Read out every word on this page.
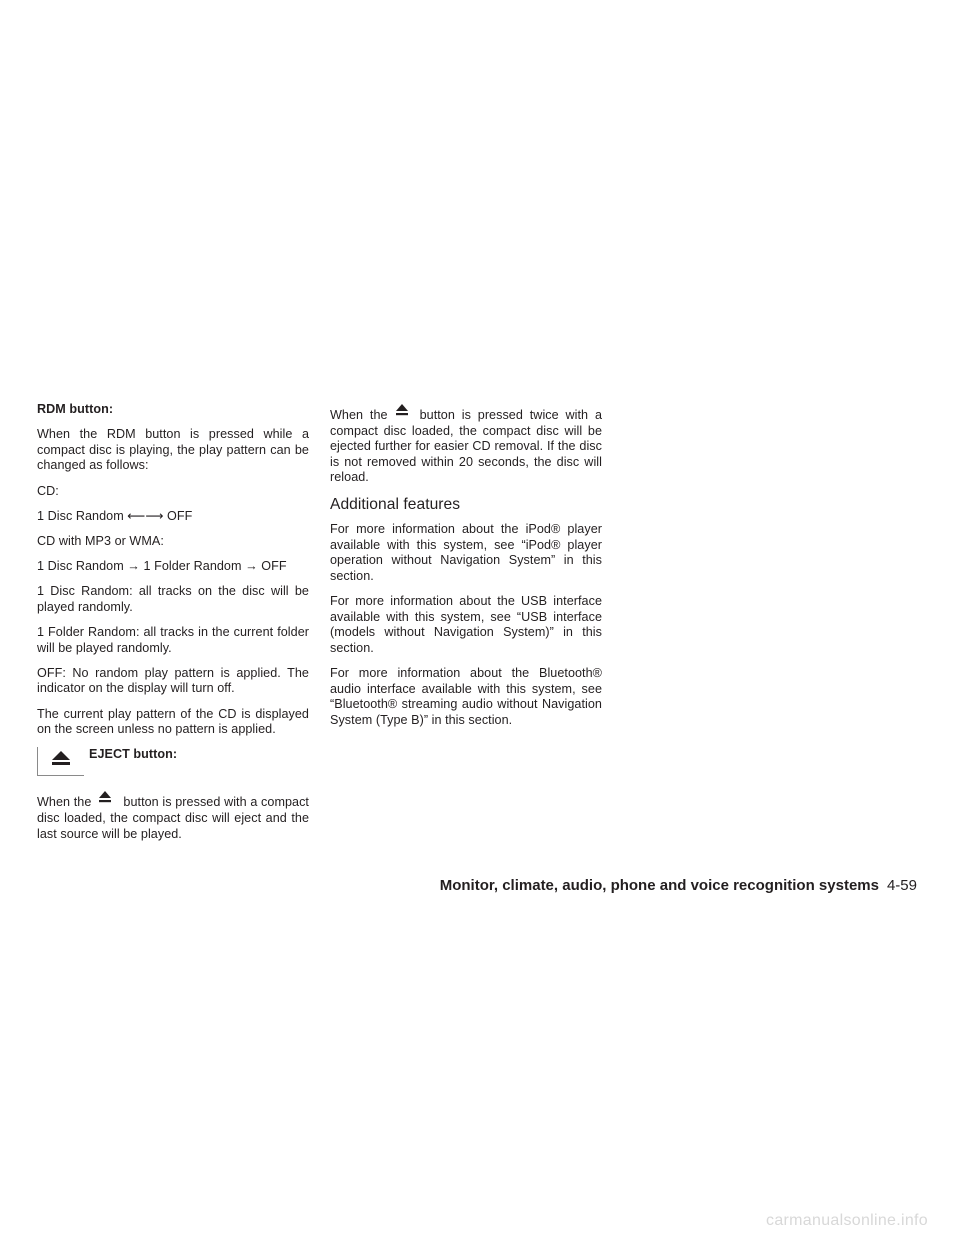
RDM button:

When the RDM button is pressed while a compact disc is playing, the play pattern can be changed as follows:

CD:

1 Disc Random ⟵⟶ OFF

CD with MP3 or WMA:

1 Disc Random → 1 Folder Random → OFF

1 Disc Random: all tracks on the disc will be played randomly.

1 Folder Random: all tracks in the current folder will be played randomly.

OFF: No random play pattern is applied. The indicator on the display will turn off.

The current play pattern of the CD is displayed on the screen unless no pattern is applied.

EJECT button:

When the	button is pressed with a compact disc loaded, the compact disc will eject and the last source will be played.

When the	button is pressed twice with a compact disc loaded, the compact disc will be ejected further for easier CD removal. If the disc is not removed within 20 seconds, the disc will reload.

Additional features

For more information about the iPod® player available with this system, see “iPod® player operation without Navigation System” in this section.

For more information about the USB interface available with this system, see “USB interface (models without Navigation System)” in this section.

For more information about the Bluetooth® audio interface available with this system, see “Bluetooth® streaming audio without Navigation System (Type B)” in this section.

Monitor, climate, audio, phone and voice recognition systems 4-59
carmanualsonline.info
